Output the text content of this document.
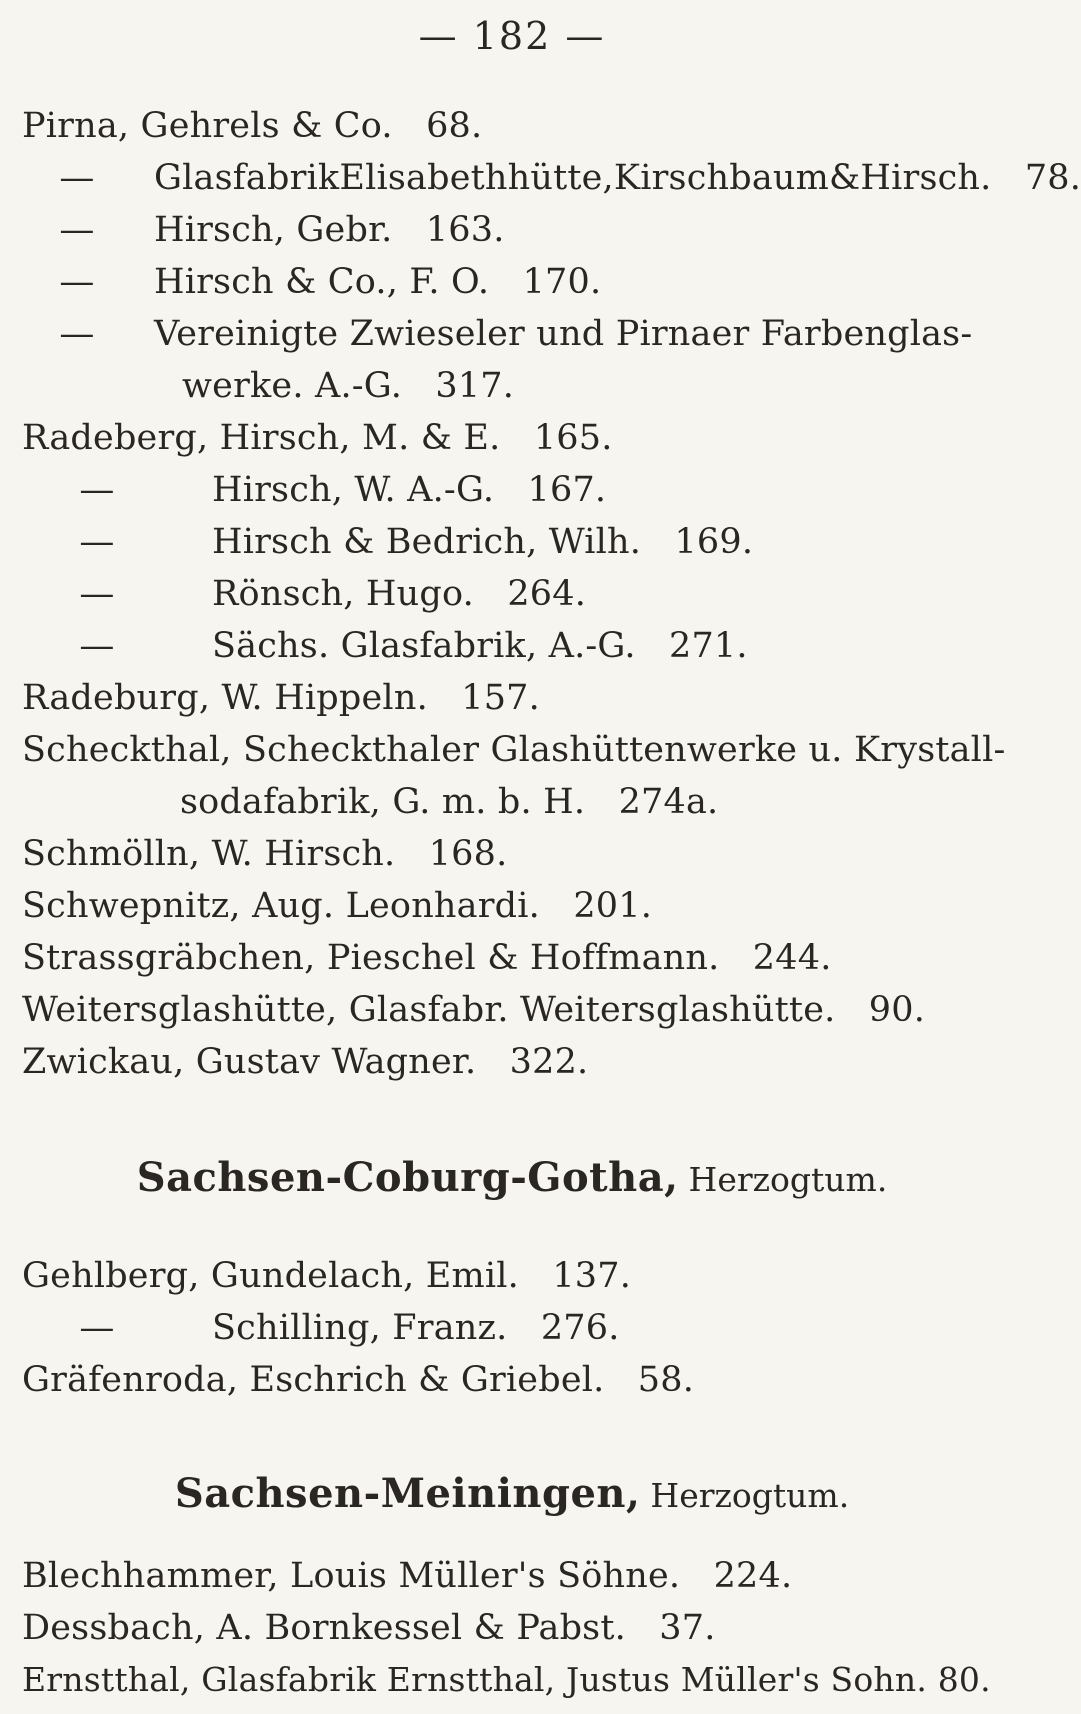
— 182 —
Pirna, Gehrels & Co. 68.
— GlasfabrikElisabethhütte,Kirschbaum&Hirsch. 78.
— Hirsch, Gebr. 163.
— Hirsch & Co., F. O. 170.
— Vereinigte Zwieseler und Pirnaer Farbenglas-
werke. A.-G. 317.
Radeberg, Hirsch, M. & E. 165.
—	Hirsch, W. A.-G. 167.
—	Hirsch & Bedrich, Wilh. 169.
—	Rönsch, Hugo. 264.
—	Sächs. Glasfabrik, A.-G. 271.
Radeburg, W. Hippeln. 157.
Scheckthal, Scheckthaler Glashüttenwerke u. Krystall-
sodafabrik, G. m. b. H. 274a.
Schmölln, W. Hirsch. 168.
Schwepnitz, Aug. Leonhardi. 201.
Strassgräbchen, Pieschel & Hoffmann. 244.
Weitersglashütte, Glasfabr. Weitersglashütte. 90.
Zwickau, Gustav Wagner. 322.
Sachsen-Coburg-Gotha, Herzogtum.
Gehlberg, Gundelach, Emil. 137.
—	Schilling, Franz. 276.
Gräfenroda, Eschrich & Griebel. 58.
Sachsen-Meiningen, Herzogtum.
Blechhammer, Louis Müller's Söhne. 224.
Dessbach, A. Bornkessel & Pabst. 37.
Ernstthal, Glasfabrik Ernstthal, Justus Müller's Sohn. 80.
